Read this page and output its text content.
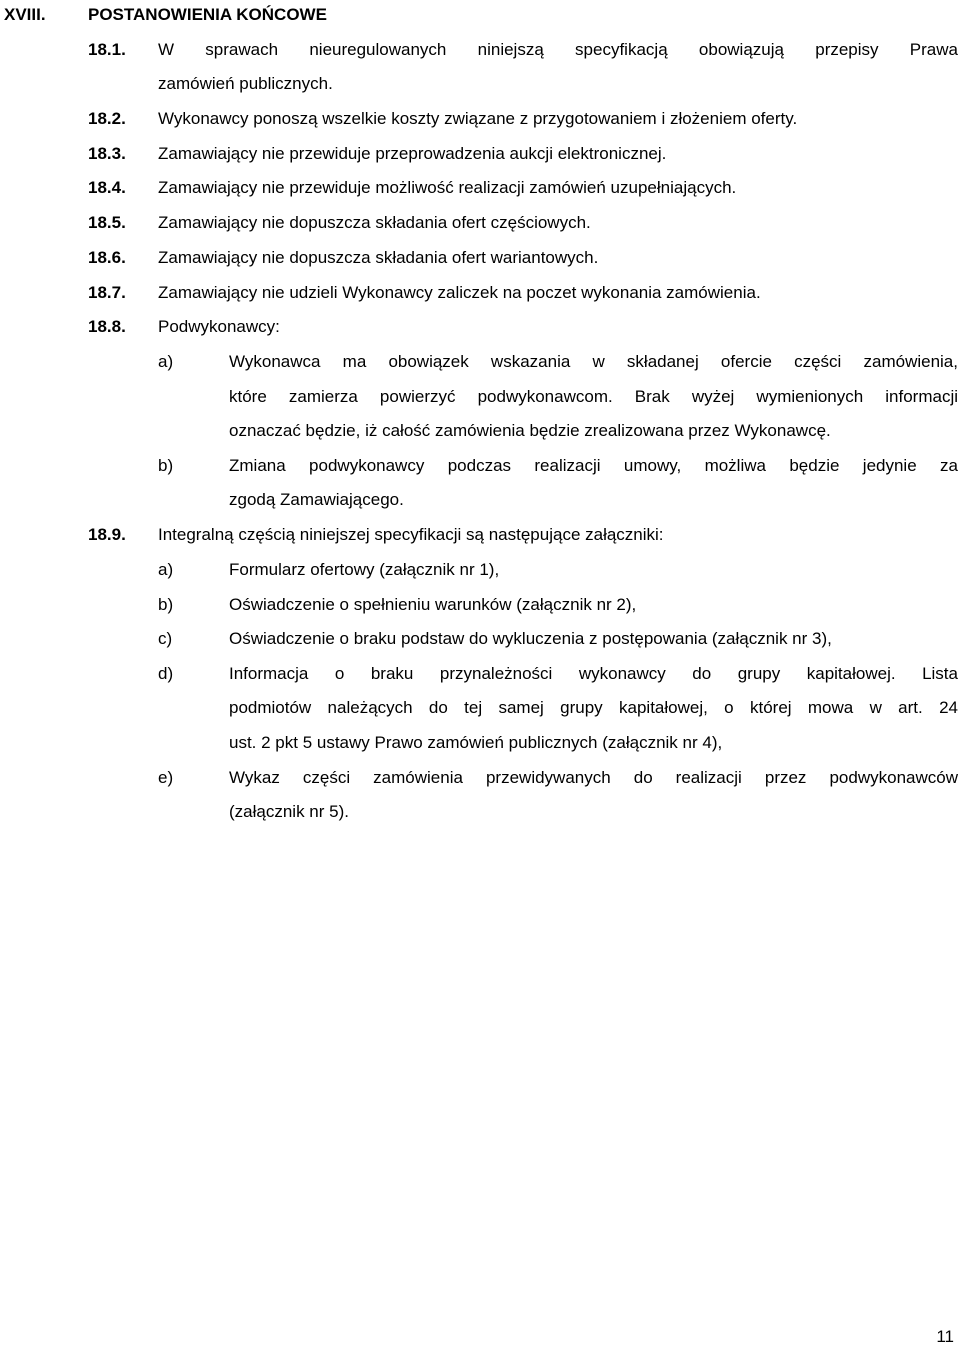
XVIII. POSTANOWIENIA KOŃCOWE
18.1. W sprawach nieuregulowanych niniejszą specyfikacją obowiązują przepisy Prawa
zamówień publicznych.
18.2. Wykonawcy ponoszą wszelkie koszty związane z przygotowaniem i złożeniem oferty.
18.3. Zamawiający nie przewiduje przeprowadzenia aukcji elektronicznej.
18.4. Zamawiający nie przewiduje możliwość realizacji zamówień uzupełniających.
18.5. Zamawiający nie dopuszcza składania ofert częściowych.
18.6. Zamawiający nie dopuszcza składania ofert wariantowych.
18.7. Zamawiający nie udzieli Wykonawcy zaliczek na poczet wykonania zamówienia.
18.8. Podwykonawcy:
a)	Wykonawca ma obowiązek wskazania w składanej ofercie części zamówienia,
które zamierza powierzyć podwykonawcom. Brak wyżej wymienionych informacji
oznaczać będzie, iż całość zamówienia będzie zrealizowana przez Wykonawcę.
b)	Zmiana podwykonawcy podczas realizacji umowy, możliwa będzie jedynie za
zgodą Zamawiającego.
18.9. Integralną częścią niniejszej specyfikacji są następujące załączniki:
a)	Formularz ofertowy (załącznik nr 1),
b)	Oświadczenie o spełnieniu warunków (załącznik nr 2),
c)	Oświadczenie o braku podstaw do wykluczenia z postępowania (załącznik nr 3),
d)	Informacja o braku przynależności wykonawcy do grupy kapitałowej. Lista
podmiotów należących do tej samej grupy kapitałowej, o której mowa w art. 24
ust. 2 pkt 5 ustawy Prawo zamówień publicznych (załącznik nr 4),
e)	Wykaz części zamówienia przewidywanych do realizacji przez podwykonawców
(załącznik nr 5).
11
